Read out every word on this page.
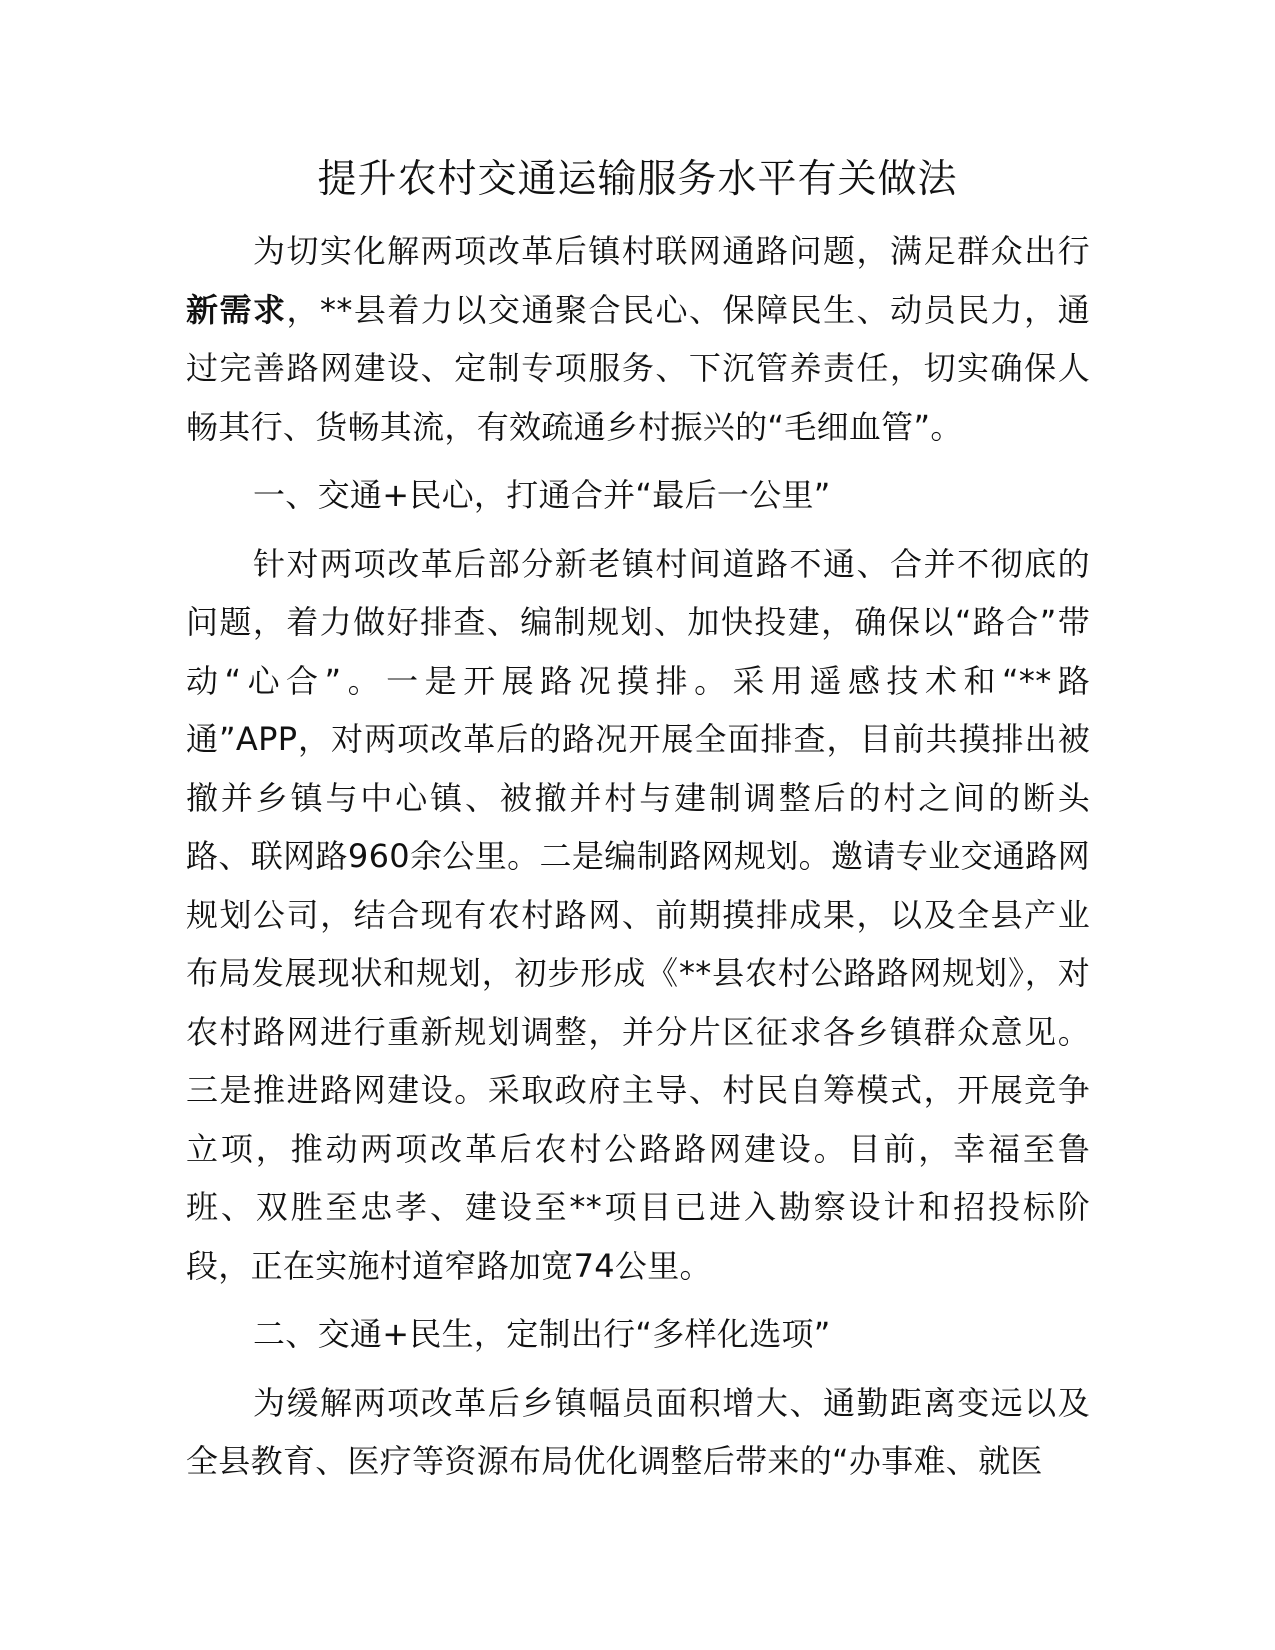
提升农村交通运输服务水平有关做法

为切实化解两项改革后镇村联网通路问题，满足群众出行新需求，**县着力以交通聚合民心、保障民生、动员民力，通过完善路网建设、定制专项服务、下沉管养责任，切实确保人畅其行、货畅其流，有效疏通乡村振兴的“毛细血管”。

一、交通+民心，打通合并“最后一公里”

针对两项改革后部分新老镇村间道路不通、合并不彻底的问题，着力做好排查、编制规划、加快投建，确保以“路合”带动“心合”。一是开展路况摸排。采用遥感技术和“**路通”APP，对两项改革后的路况开展全面排查，目前共摸排出被撤并乡镇与中心镇、被撤并村与建制调整后的村之间的断头路、联网路960余公里。二是编制路网规划。邀请专业交通路网规划公司，结合现有农村路网、前期摸排成果，以及全县产业布局发展现状和规划，初步形成《**县农村公路路网规划》，对农村路网进行重新规划调整，并分片区征求各乡镇群众意见。三是推进路网建设。采取政府主导、村民自筹模式，开展竞争立项，推动两项改革后农村公路路网建设。目前，幸福至鲁班、双胜至忠孝、建设至**项目已进入勘察设计和招投标阶段，正在实施村道窄路加宽74公里。

二、交通+民生，定制出行“多样化选项”

为缓解两项改革后乡镇幅员面积增大、通勤距离变远以及全县教育、医疗等资源布局优化调整后带来的“办事难、就医
